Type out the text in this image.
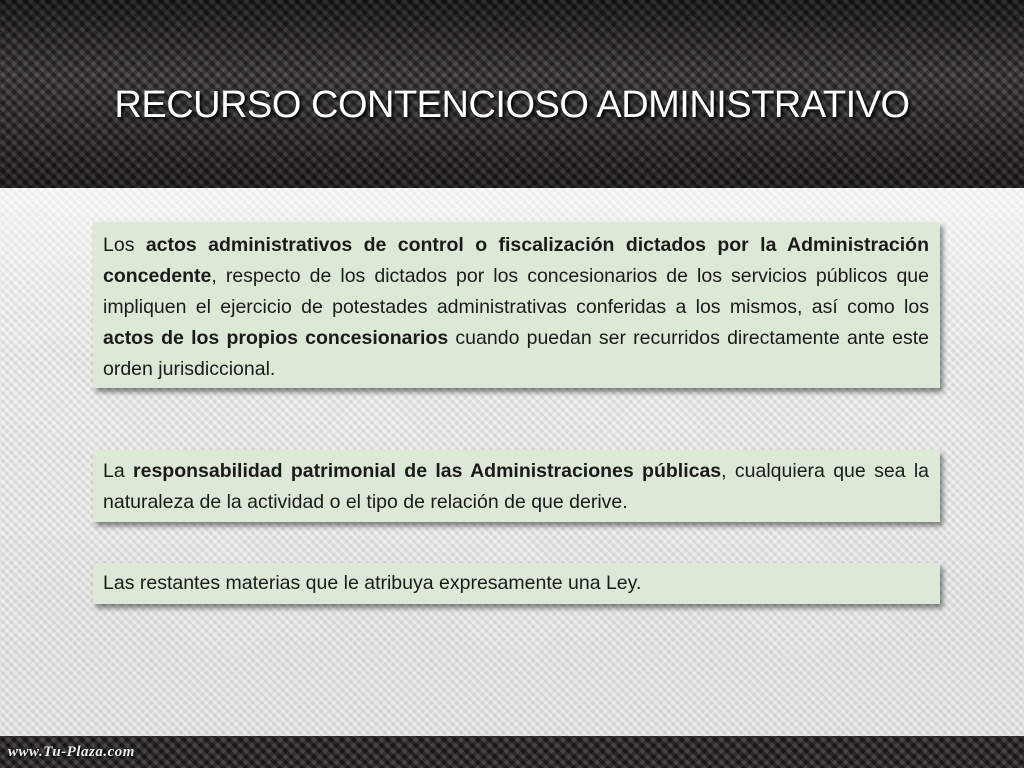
RECURSO CONTENCIOSO ADMINISTRATIVO
Los actos administrativos de control o fiscalización dictados por la Administración concedente, respecto de los dictados por los concesionarios de los servicios públicos que impliquen el ejercicio de potestades administrativas conferidas a los mismos, así como los actos de los propios concesionarios cuando puedan ser recurridos directamente ante este orden jurisdiccional.
La responsabilidad patrimonial de las Administraciones públicas, cualquiera que sea la naturaleza de la actividad o el tipo de relación de que derive.
Las restantes materias que le atribuya expresamente una Ley.
www.Tu-Plaza.com
